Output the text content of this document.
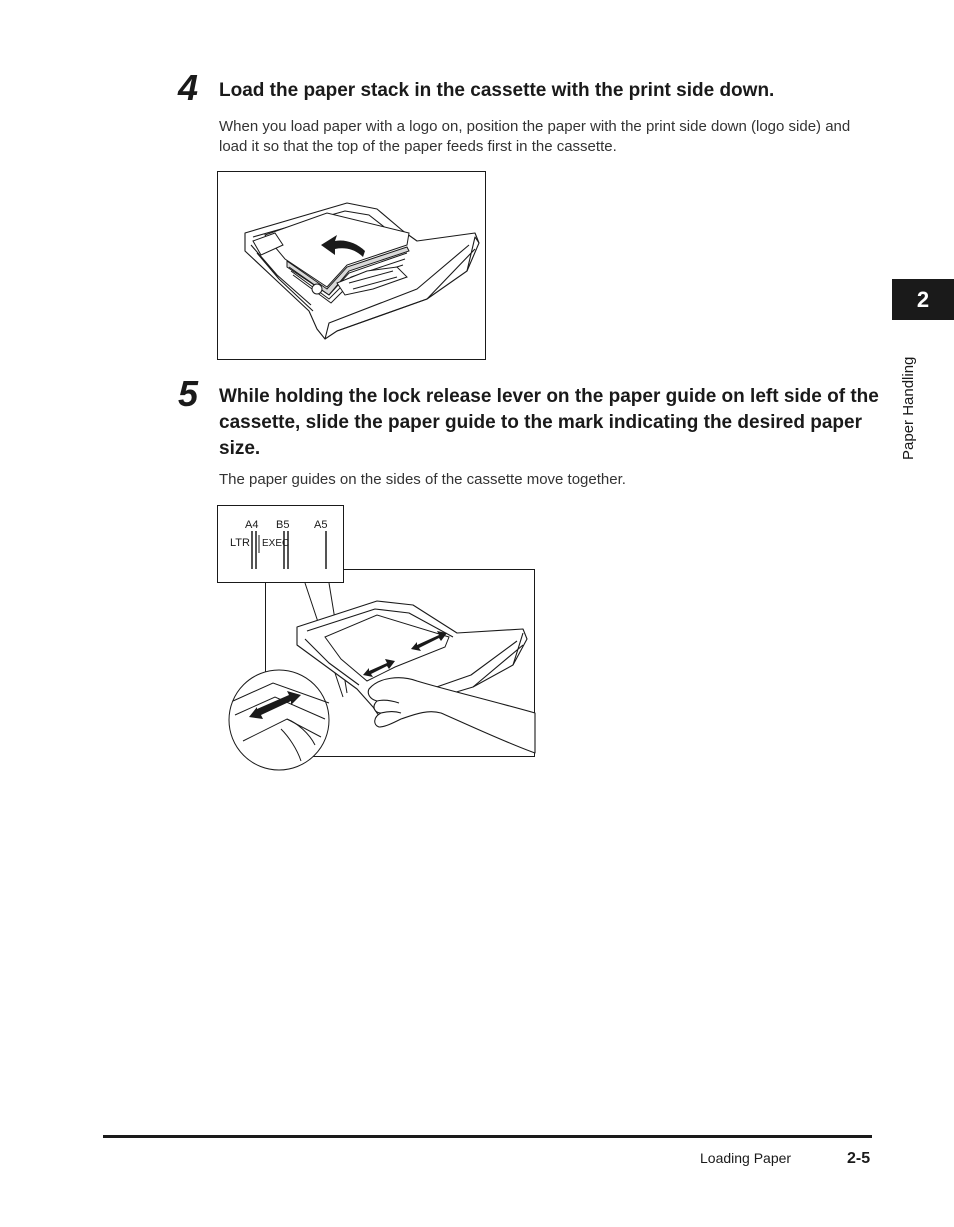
4 Load the paper stack in the cassette with the print side down.
When you load paper with a logo on, position the paper with the print side down (logo side) and load it so that the top of the paper feeds first in the cassette.
5 While holding the lock release lever on the paper guide on left side of the cassette, slide the paper guide to the mark indicating the desired paper size.
The paper guides on the sides of the cassette move together.
A4 B5 A5
LTR EXEC
2
Paper Handling
Loading Paper	2-5
